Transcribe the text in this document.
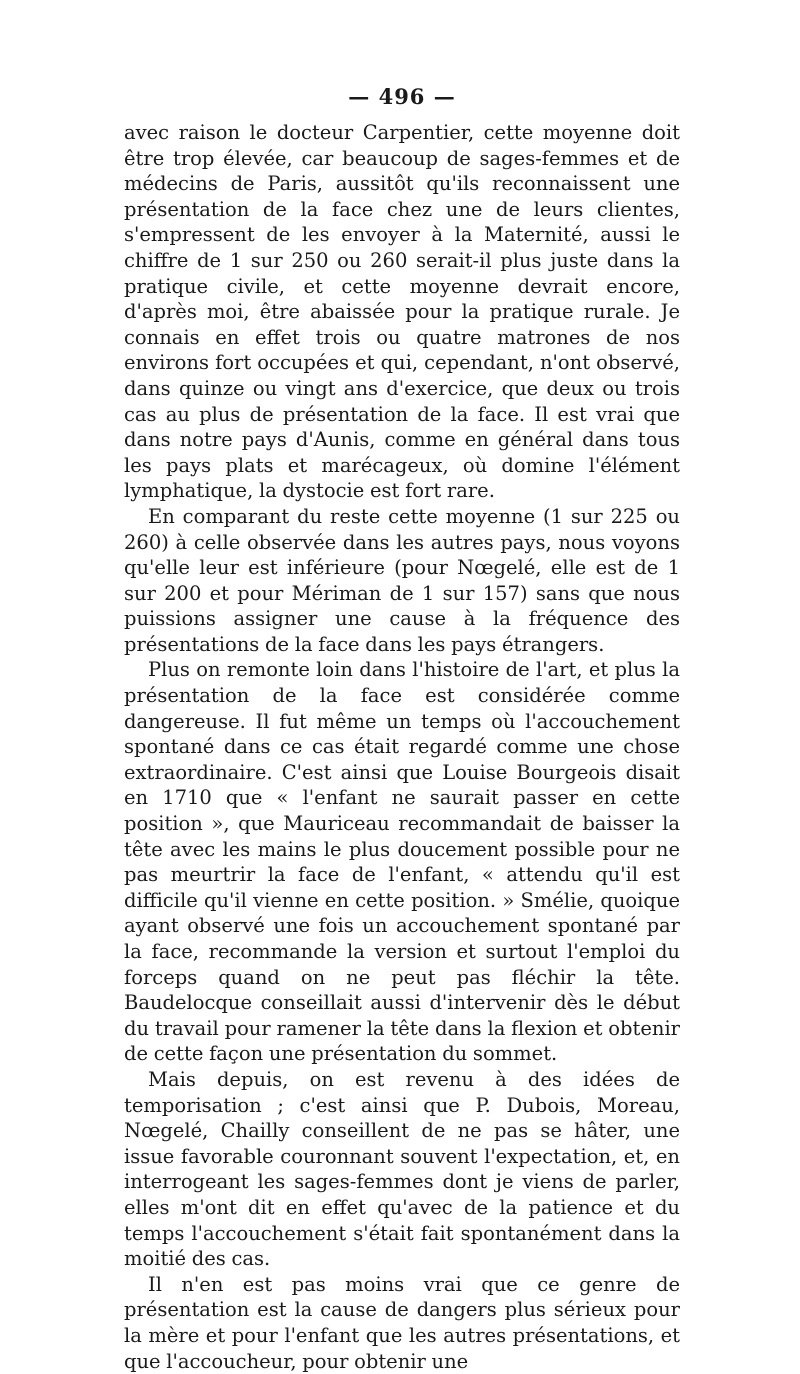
— 496 —

avec raison le docteur Carpentier, cette moyenne doit être trop élevée, car beaucoup de sages-femmes et de médecins de Paris, aussitôt qu'ils reconnaissent une présentation de la face chez une de leurs clientes, s'empressent de les envoyer à la Maternité, aussi le chiffre de 1 sur 250 ou 260 serait-il plus juste dans la pratique civile, et cette moyenne devrait encore, d'après moi, être abaissée pour la pratique rurale. Je connais en effet trois ou quatre matrones de nos environs fort occupées et qui, cependant, n'ont observé, dans quinze ou vingt ans d'exercice, que deux ou trois cas au plus de présentation de la face. Il est vrai que dans notre pays d'Aunis, comme en général dans tous les pays plats et marécageux, où domine l'élément lymphatique, la dystocie est fort rare.

En comparant du reste cette moyenne (1 sur 225 ou 260) à celle observée dans les autres pays, nous voyons qu'elle leur est inférieure (pour Nœgelé, elle est de 1 sur 200 et pour Mériman de 1 sur 157) sans que nous puissions assigner une cause à la fréquence des présentations de la face dans les pays étrangers.

Plus on remonte loin dans l'histoire de l'art, et plus la présentation de la face est considérée comme dangereuse. Il fut même un temps où l'accouchement spontané dans ce cas était regardé comme une chose extraordinaire. C'est ainsi que Louise Bourgeois disait en 1710 que « l'enfant ne saurait passer en cette position », que Mauriceau recommandait de baisser la tête avec les mains le plus doucement possible pour ne pas meurtrir la face de l'enfant, « attendu qu'il est difficile qu'il vienne en cette position. » Smélie, quoique ayant observé une fois un accouchement spontané par la face, recommande la version et surtout l'emploi du forceps quand on ne peut pas fléchir la tête. Baudelocque conseillait aussi d'intervenir dès le début du travail pour ramener la tête dans la flexion et obtenir de cette façon une présentation du sommet.

Mais depuis, on est revenu à des idées de temporisation ; c'est ainsi que P. Dubois, Moreau, Nœgelé, Chailly conseillent de ne pas se hâter, une issue favorable couronnant souvent l'expectation, et, en interrogeant les sages-femmes dont je viens de parler, elles m'ont dit en effet qu'avec de la patience et du temps l'accouchement s'était fait spontanément dans la moitié des cas.

Il n'en est pas moins vrai que ce genre de présentation est la cause de dangers plus sérieux pour la mère et pour l'enfant que les autres présentations, et que l'accoucheur, pour obtenir une
